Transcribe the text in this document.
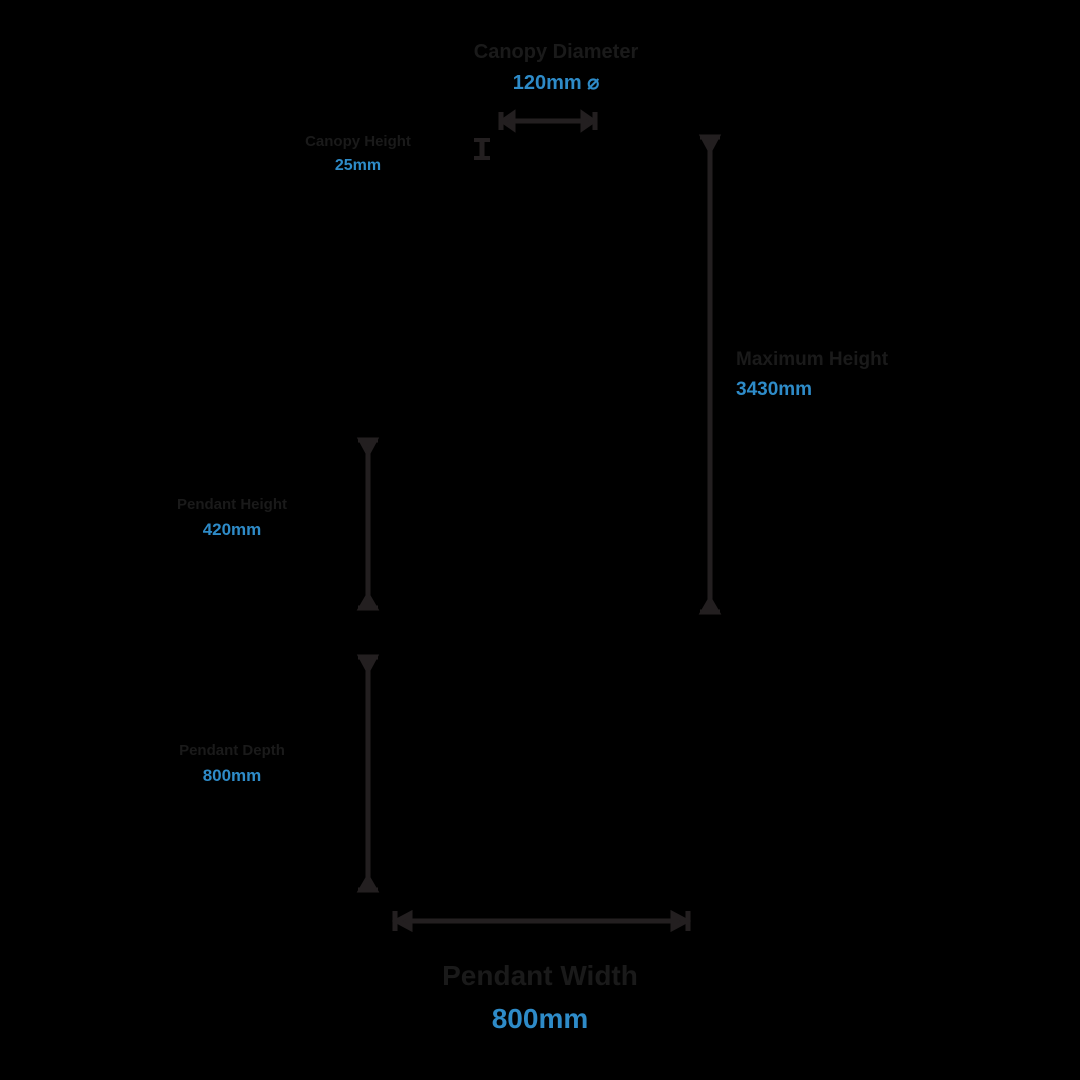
Canopy Diameter
120mm ⌀
Canopy Height
25mm
Maximum Height
3430mm
Pendant Height
420mm
Pendant Depth
800mm
Pendant Width
800mm
